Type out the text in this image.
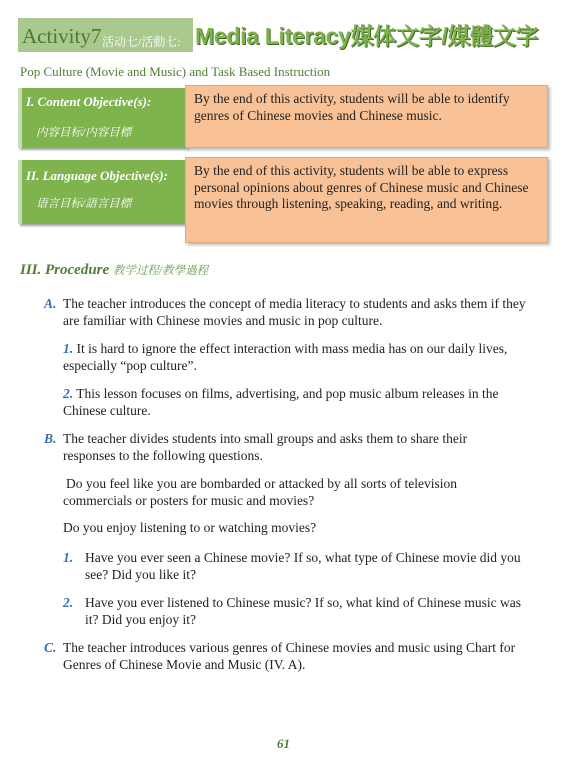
Activity7 活动七/活動七: Media Literacy媒体文字/媒體文字
Pop Culture (Movie and Music) and Task Based Instruction
I. Content Objective(s):
内容目标/内容目標
By the end of this activity, students will be able to identify genres of Chinese movies and Chinese music.
II. Language Objective(s):
语言目标/語言目標
By the end of this activity, students will be able to express personal opinions about genres of Chinese music and Chinese movies through listening, speaking, reading, and writing.
III. Procedure 教学过程/教學過程
A. The teacher introduces the concept of media literacy to students and asks them if they are familiar with Chinese movies and music in pop culture.
1. It is hard to ignore the effect interaction with mass media has on our daily lives, especially “pop culture”.
2. This lesson focuses on films, advertising, and pop music album releases in the Chinese culture.
B. The teacher divides students into small groups and asks them to share their responses to the following questions.
Do you feel like you are bombarded or attacked by all sorts of television commercials or posters for music and movies?
Do you enjoy listening to or watching movies?
1. Have you ever seen a Chinese movie? If so, what type of Chinese movie did you see? Did you like it?
2. Have you ever listened to Chinese music? If so, what kind of Chinese music was it? Did you enjoy it?
C. The teacher introduces various genres of Chinese movies and music using Chart for Genres of Chinese Movie and Music (IV. A).
61
